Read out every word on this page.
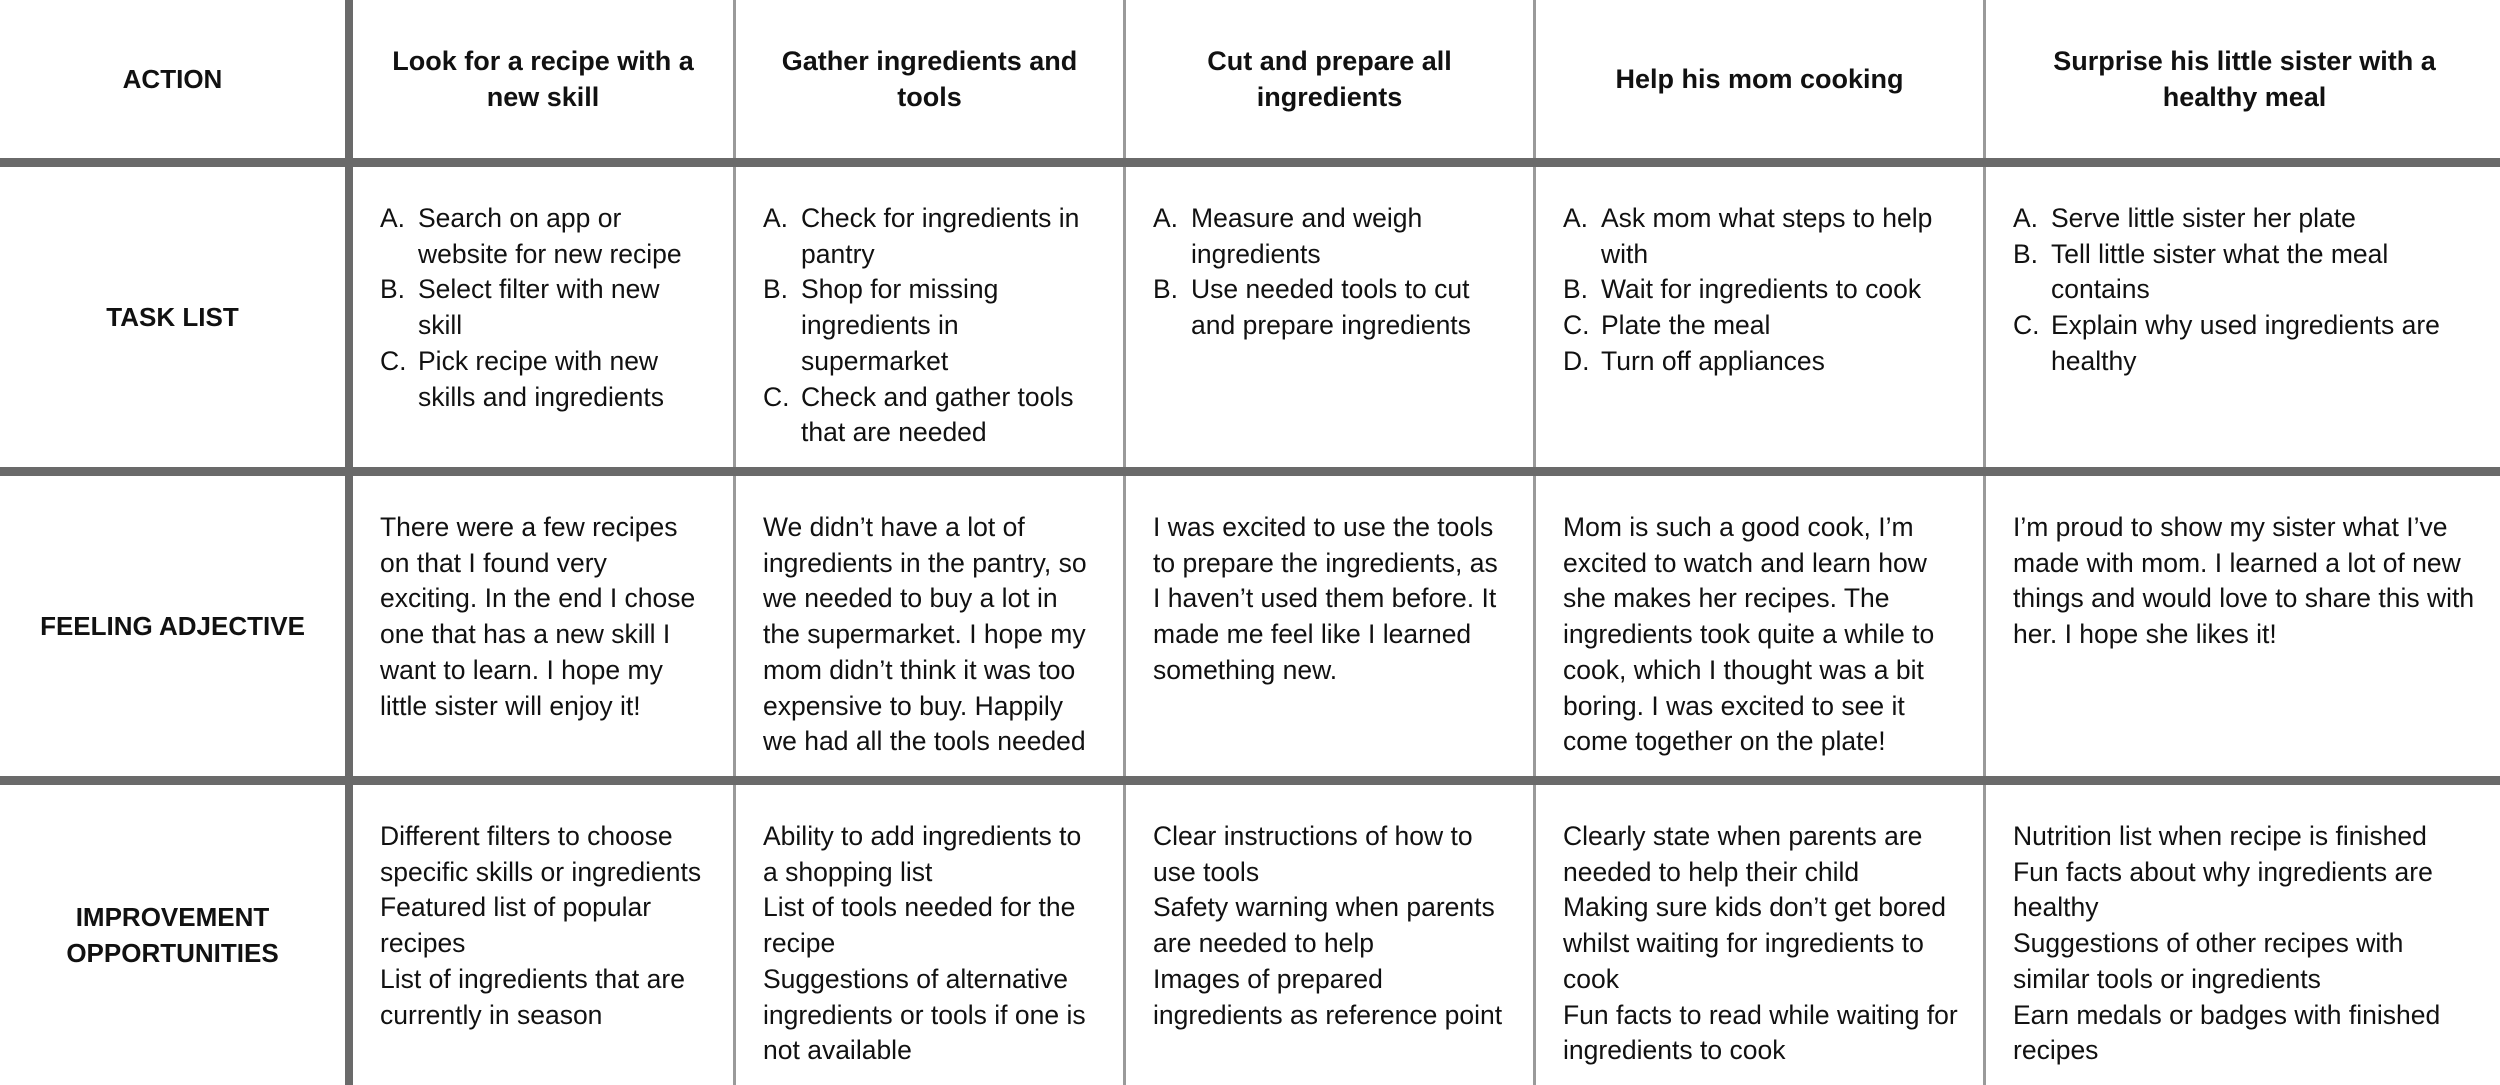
ACTION
Look for a recipe with a new skill
Gather ingredients and tools
Cut and prepare all ingredients
Help his mom cooking
Surprise his little sister with a healthy meal
TASK LIST
A. Search on app or website for new recipe
B. Select filter with new skill
C. Pick recipe with new skills and ingredients
A. Check for ingredients in pantry
B. Shop for missing ingredients in supermarket
C. Check and gather tools that are needed
A. Measure and weigh ingredients
B. Use needed tools to cut and prepare ingredients
A. Ask mom what steps to help with
B. Wait for ingredients to cook
C. Plate the meal
D. Turn off appliances
A. Serve little sister her plate
B. Tell little sister what the meal contains
C. Explain why used ingredients are healthy
FEELING ADJECTIVE

There were a few recipes on that I found very exciting. In the end I chose one that has a new skill I want to learn. I hope my little sister will enjoy it!

We didn’t have a lot of ingredients in the pantry, so we needed to buy a lot in the supermarket. I hope my mom didn’t think it was too expensive to buy. Happily we had all the tools needed

I was excited to use the tools to prepare the ingredients, as I haven’t used them before. It made me feel like I learned something new.

Mom is such a good cook, I’m excited to watch and learn how she makes her recipes. The ingredients took quite a while to cook, which I thought was a bit boring. I was excited to see it come together on the plate!

I’m proud to show my sister what I’ve made with mom. I learned a lot of new things and would love to share this with her. I hope she likes it!

IMPROVEMENT
OPPORTUNITIES
Different filters to choose specific skills or ingredients
Featured list of popular recipes
List of ingredients that are currently in season
Ability to add ingredients to a shopping list
List of tools needed for the recipe
Suggestions of alternative ingredients or tools if one is not available
Clear instructions of how to use tools
Safety warning when parents are needed to help
Images of prepared ingredients as reference point
Clearly state when parents are needed to help their child
Making sure kids don’t get bored whilst waiting for ingredients to cook
Fun facts to read while waiting for ingredients to cook
Nutrition list when recipe is finished
Fun facts about why ingredients are healthy
Suggestions of other recipes with similar tools or ingredients
Earn medals or badges with finished recipes
